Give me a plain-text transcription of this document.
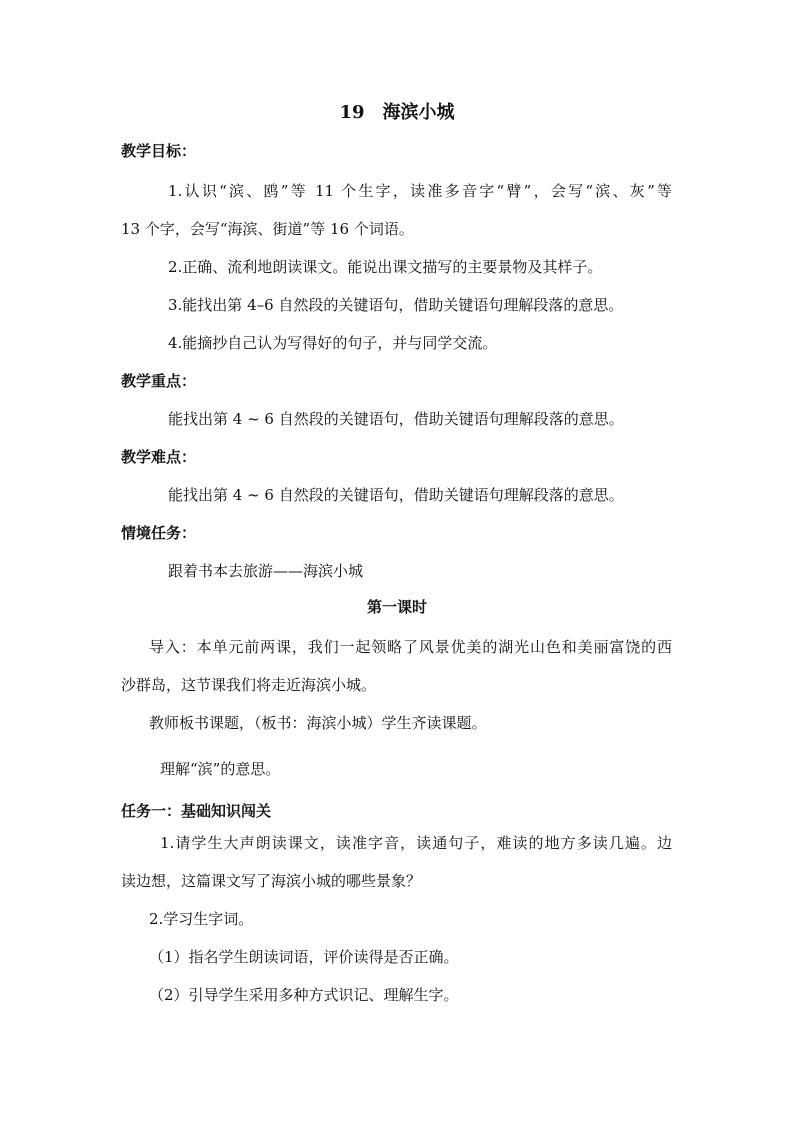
19 海滨小城
教学目标：
1.认识“滨、鸥”等 11 个生字，读准多音字“臂”，会写“滨、灰”等
13 个字，会写“海滨、街道”等 16 个词语。
2.正确、流利地朗读课文。能说出课文描写的主要景物及其样子。
3.能找出第 4–6 自然段的关键语句，借助关键语句理解段落的意思。
4.能摘抄自己认为写得好的句子，并与同学交流。
教学重点：
能找出第 4 ~ 6 自然段的关键语句，借助关键语句理解段落的意思。
教学难点：
能找出第 4 ~ 6 自然段的关键语句，借助关键语句理解段落的意思。
情境任务：
跟着书本去旅游——海滨小城
第一课时
导入：本单元前两课，我们一起领略了风景优美的湖光山色和美丽富饶的西
沙群岛，这节课我们将走近海滨小城。
教师板书课题，（板书：海滨小城）学生齐读课题。
理解“滨”的意思。
任务一：基础知识闯关
1.请学生大声朗读课文，读准字音，读通句子，难读的地方多读几遍。边
读边想，这篇课文写了海滨小城的哪些景象？
2.学习生字词。
（1）指名学生朗读词语，评价读得是否正确。
（2）引导学生采用多种方式识记、理解生字。
